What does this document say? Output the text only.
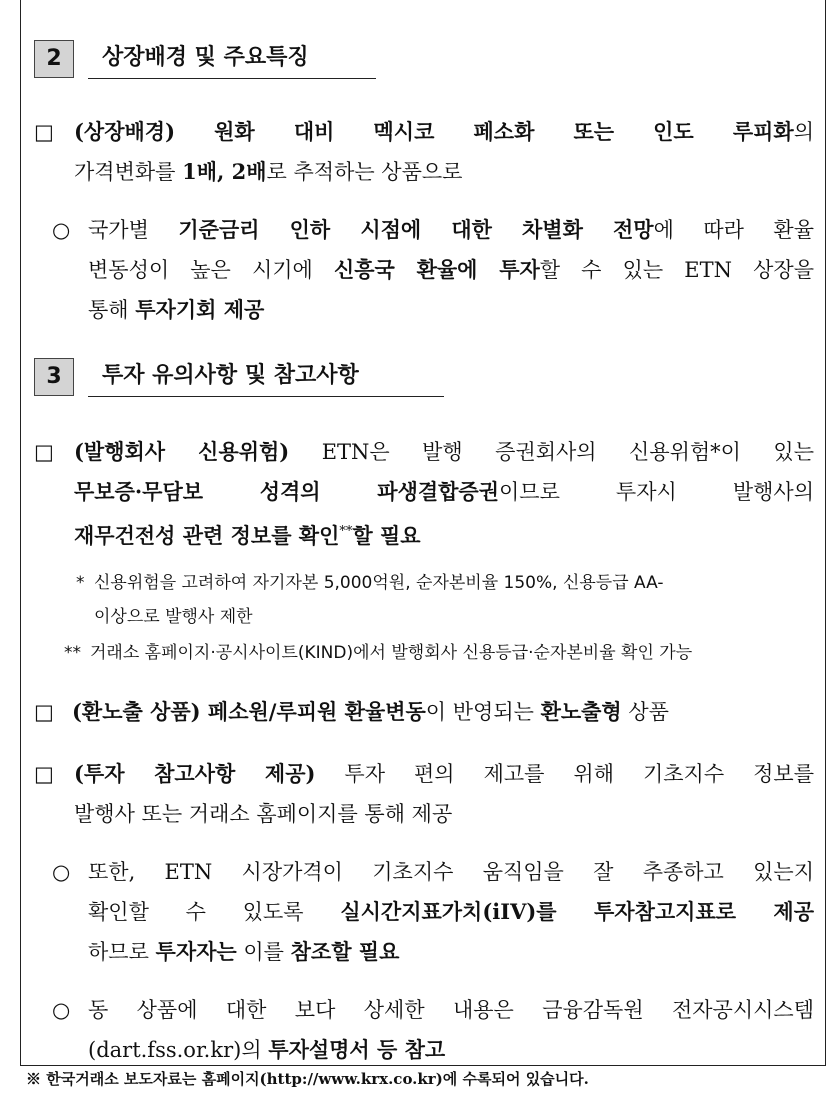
2	상장배경 및 주요특징
□ (상장배경) 원화 대비 멕시코 페소화 또는 인도 루피화의
가격변화를 1배, 2배로 추적하는 상품으로
○ 국가별 기준금리 인하 시점에 대한 차별화 전망에 따라 환율
변동성이 높은 시기에 신흥국 환율에 투자할 수 있는 ETN 상장을
통해 투자기회 제공
3	투자 유의사항 및 참고사항
□ (발행회사 신용위험) ETN은 발행 증권회사의 신용위험*이 있는
무보증·무담보 성격의 파생결합증권이므로 투자시 발행사의
재무건전성 관련 정보를 확인**할 필요
* 신용위험을 고려하여 자기자본 5,000억원, 순자본비율 150%, 신용등급 AA-
이상으로 발행사 제한
** 거래소 홈페이지·공시사이트(KIND)에서 발행회사 신용등급·순자본비율 확인 가능
□ (환노출 상품) 페소원/루피원 환율변동이 반영되는 환노출형 상품
□ (투자 참고사항 제공) 투자 편의 제고를 위해 기초지수 정보를
발행사 또는 거래소 홈페이지를 통해 제공
○ 또한, ETN 시장가격이 기초지수 움직임을 잘 추종하고 있는지
확인할 수 있도록 실시간지표가치(iIV)를 투자참고지표로 제공
하므로 투자자는 이를 참조할 필요
○ 동 상품에 대한 보다 상세한 내용은 금융감독원 전자공시시스템
(dart.fss.or.kr)의 투자설명서 등 참고
※ 한국거래소 보도자료는 홈페이지(http://www.krx.co.kr)에 수록되어 있습니다.
